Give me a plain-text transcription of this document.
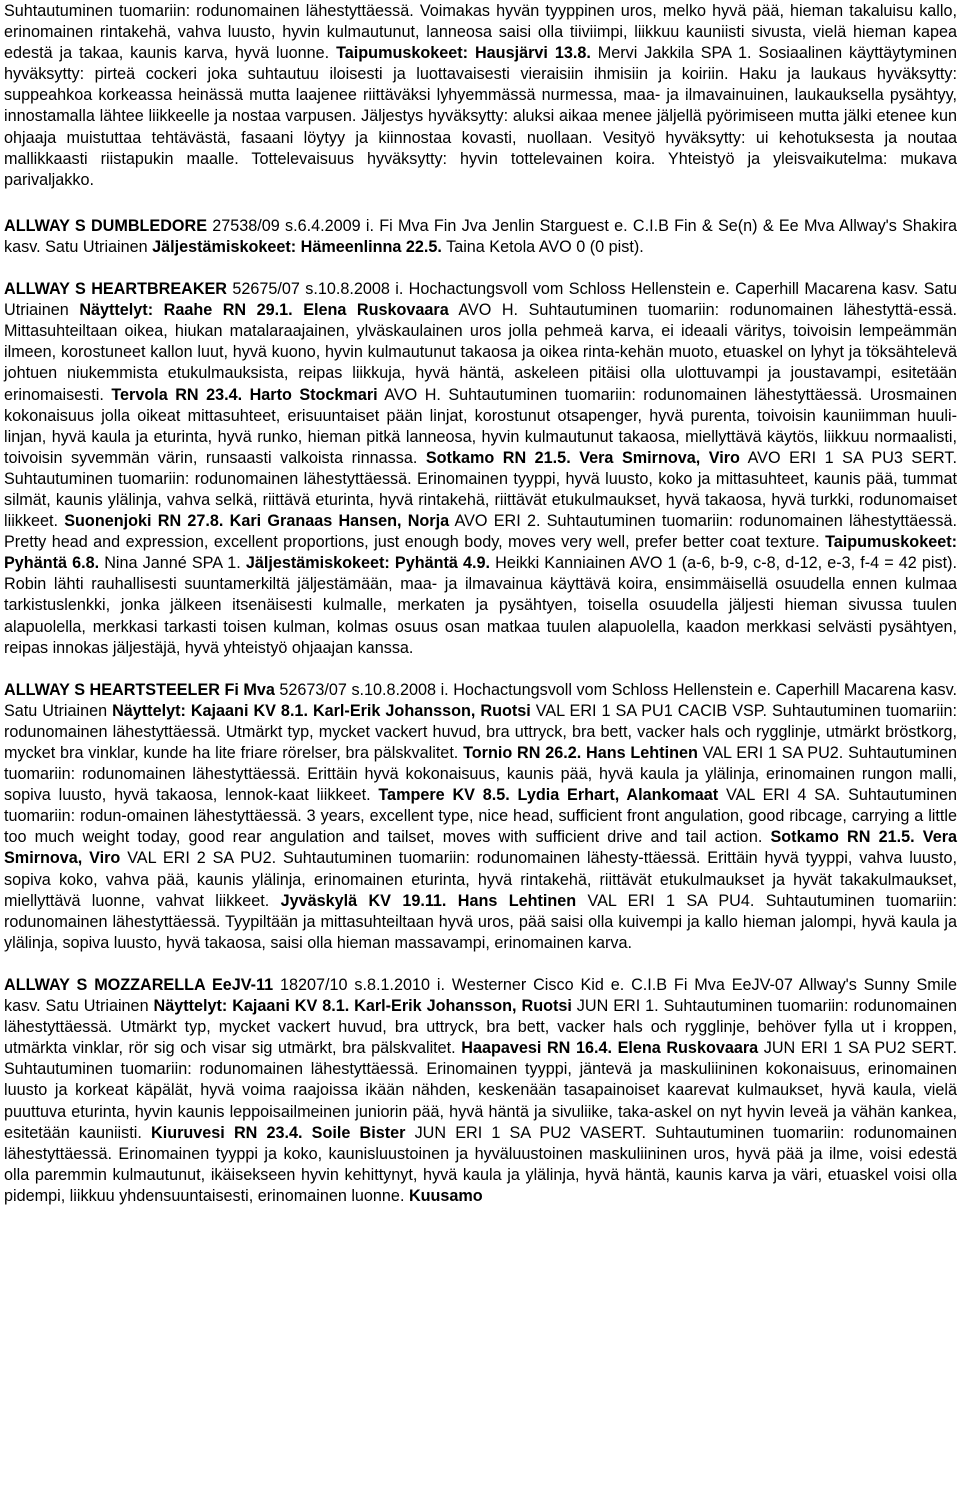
Suhtautuminen tuomariin: rodunomainen lähestyttäessä. Voimakas hyvän tyyppinen uros, melko hyvä pää, hieman takaluisu kallo, erinomainen rintakehä, vahva luusto, hyvin kulmautunut, lanneosa saisi olla tiiviimpi, liikkuu kauniisti sivusta, vielä hieman kapea edestä ja takaa, kaunis karva, hyvä luonne. Taipumuskokeet: Hausjärvi 13.8. Mervi Jakkila SPA 1. Sosiaalinen käyttäytyminen hyväksytty: pirteä cockeri joka suhtautuu iloisesti ja luottavaisesti vieraisiin ihmisiin ja koiriin. Haku ja laukaus hyväksytty: suppeahkoa korkeassa heinässä mutta laajenee riittäväksi lyhyemmässä nurmessa, maa- ja ilmavainuinen, laukauksella pysähtyy, innostamalla lähtee liikkeelle ja nostaa varpusen. Jäljestys hyväksytty: aluksi aikaa menee jäljellä pyörimiseen mutta jälki etenee kun ohjaaja muistuttaa tehtävästä, fasaani löytyy ja kiinnostaa kovasti, nuollaan. Vesityö hyväksytty: ui kehotuksesta ja noutaa mallikkaasti riistapukin maalle. Tottelevaisuus hyväksytty: hyvin tottelevainen koira. Yhteistyö ja yleisvaikutelma: mukava parivaljakko.

ALLWAY S DUMBLEDORE 27538/09 s.6.4.2009 i. Fi Mva Fin Jva Jenlin Starguest e. C.I.B Fin & Se(n) & Ee Mva Allway's Shakira kasv. Satu Utriainen Jäljestämiskokeet: Hämeenlinna 22.5. Taina Ketola AVO 0 (0 pist).

ALLWAY S HEARTBREAKER 52675/07 s.10.8.2008 i. Hochactungsvoll vom Schloss Hellenstein e. Caperhill Macarena kasv. Satu Utriainen Näyttelyt: Raahe RN 29.1. Elena Ruskovaara AVO H. Suhtautuminen tuomariin: rodunomainen lähestyttä-essä. Mittasuhteiltaan oikea, hiukan matalaraajainen, ylväskaulainen uros jolla pehmeä karva, ei ideaali väritys, toivoisin lempeämmän ilmeen, korostuneet kallon luut, hyvä kuono, hyvin kulmautunut takaosa ja oikea rinta-kehän muoto, etuaskel on lyhyt ja töksähtelevä johtuen niukemmista etukulmauksista, reipas liikkuja, hyvä häntä, askeleen pitäisi olla ulottuvampi ja joustavampi, esitetään erinomaisesti. Tervola RN 23.4. Harto Stockmari AVO H. Suhtautuminen tuomariin: rodunomainen lähestyttäessä. Urosmainen kokonaisuus jolla oikeat mittasuhteet, erisuuntaiset pään linjat, korostunut otsapenger, hyvä purenta, toivoisin kauniimman huuli-linjan, hyvä kaula ja eturinta, hyvä runko, hieman pitkä lanneosa, hyvin kulmautunut takaosa, miellyttävä käytös, liikkuu normaalisti, toivoisin syvemmän värin, runsaasti valkoista rinnassa. Sotkamo RN 21.5. Vera Smirnova, Viro AVO ERI 1 SA PU3 SERT. Suhtautuminen tuomariin: rodunomainen lähestyttäessä. Erinomainen tyyppi, hyvä luusto, koko ja mittasuhteet, kaunis pää, tummat silmät, kaunis ylälinja, vahva selkä, riittävä eturinta, hyvä rintakehä, riittävät etukulmaukset, hyvä takaosa, hyvä turkki, rodunomaiset liikkeet. Suonenjoki RN 27.8. Kari Granaas Hansen, Norja AVO ERI 2. Suhtautuminen tuomariin: rodunomainen lähestyttäessä. Pretty head and expression, excellent proportions, just enough body, moves very well, prefer better coat texture. Taipumuskokeet: Pyhäntä 6.8. Nina Janné SPA 1. Jäljestämiskokeet: Pyhäntä 4.9. Heikki Kanniainen AVO 1 (a-6, b-9, c-8, d-12, e-3, f-4 = 42 pist). Robin lähti rauhallisesti suuntamerkiltä jäljestämään, maa- ja ilmavainua käyttävä koira, ensimmäisellä osuudella ennen kulmaa tarkistuslenkki, jonka jälkeen itsenäisesti kulmalle, merkaten ja pysähtyen, toisella osuudella jäljesti hieman sivussa tuulen alapuolella, merkkasi tarkasti toisen kulman, kolmas osuus osan matkaa tuulen alapuolella, kaadon merkkasi selvästi pysähtyen, reipas innokas jäljestäjä, hyvä yhteistyö ohjaajan kanssa.

ALLWAY S HEARTSTEELER Fi Mva 52673/07 s.10.8.2008 i. Hochactungsvoll vom Schloss Hellenstein e. Caperhill Macarena kasv. Satu Utriainen Näyttelyt: Kajaani KV 8.1. Karl-Erik Johansson, Ruotsi VAL ERI 1 SA PU1 CACIB VSP. Suhtautuminen tuomariin: rodunomainen lähestyttäessä. Utmärkt typ, mycket vackert huvud, bra uttryck, bra bett, vacker hals och rygglinje, utmärkt bröstkorg, mycket bra vinklar, kunde ha lite friare rörelser, bra pälskvalitet. Tornio RN 26.2. Hans Lehtinen VAL ERI 1 SA PU2. Suhtautuminen tuomariin: rodunomainen lähestyttäessä. Erittäin hyvä kokonaisuus, kaunis pää, hyvä kaula ja ylälinja, erinomainen rungon malli, sopiva luusto, hyvä takaosa, lennok-kaat liikkeet. Tampere KV 8.5. Lydia Erhart, Alankomaat VAL ERI 4 SA. Suhtautuminen tuomariin: rodun-omainen lähestyttäessä. 3 years, excellent type, nice head, sufficient front angulation, good ribcage, carrying a little too much weight today, good rear angulation and tailset, moves with sufficient drive and tail action. Sotkamo RN 21.5. Vera Smirnova, Viro VAL ERI 2 SA PU2. Suhtautuminen tuomariin: rodunomainen lähesty-ttäessä. Erittäin hyvä tyyppi, vahva luusto, sopiva koko, vahva pää, kaunis ylälinja, erinomainen eturinta, hyvä rintakehä, riittävät etukulmaukset ja hyvät takakulmaukset, miellyttävä luonne, vahvat liikkeet. Jyväskylä KV 19.11. Hans Lehtinen VAL ERI 1 SA PU4. Suhtautuminen tuomariin: rodunomainen lähestyttäessä. Tyypiltään ja mittasuhteiltaan hyvä uros, pää saisi olla kuivempi ja kallo hieman jalompi, hyvä kaula ja ylälinja, sopiva luusto, hyvä takaosa, saisi olla hieman massavampi, erinomainen karva.

ALLWAY S MOZZARELLA EeJV-11 18207/10 s.8.1.2010 i. Westerner Cisco Kid e. C.I.B Fi Mva EeJV-07 Allway's Sunny Smile kasv. Satu Utriainen Näyttelyt: Kajaani KV 8.1. Karl-Erik Johansson, Ruotsi JUN ERI 1. Suhtautuminen tuomariin: rodunomainen lähestyttäessä. Utmärkt typ, mycket vackert huvud, bra uttryck, bra bett, vacker hals och rygglinje, behöver fylla ut i kroppen, utmärkta vinklar, rör sig och visar sig utmärkt, bra pälskvalitet. Haapavesi RN 16.4. Elena Ruskovaara JUN ERI 1 SA PU2 SERT. Suhtautuminen tuomariin: rodunomainen lähestyttäessä. Erinomainen tyyppi, jäntevä ja maskuliininen kokonaisuus, erinomainen luusto ja korkeat käpälät, hyvä voima raajoissa ikään nähden, keskenään tasapainoiset kaarevat kulmaukset, hyvä kaula, vielä puuttuva eturinta, hyvin kaunis leppoisailmeinen juniorin pää, hyvä häntä ja sivuliike, taka-askel on nyt hyvin leveä ja vähän kankea, esitetään kauniisti. Kiuruvesi RN 23.4. Soile Bister JUN ERI 1 SA PU2 VASERT. Suhtautuminen tuomariin: rodunomainen lähestyttäessä. Erinomainen tyyppi ja koko, kaunisluustoinen ja hyväluustoinen maskuliininen uros, hyvä pää ja ilme, voisi edestä olla paremmin kulmautunut, ikäisekseen hyvin kehittynyt, hyvä kaula ja ylälinja, hyvä häntä, kaunis karva ja väri, etuaskel voisi olla pidempi, liikkuu yhdensuuntaisesti, erinomainen luonne. Kuusamo
